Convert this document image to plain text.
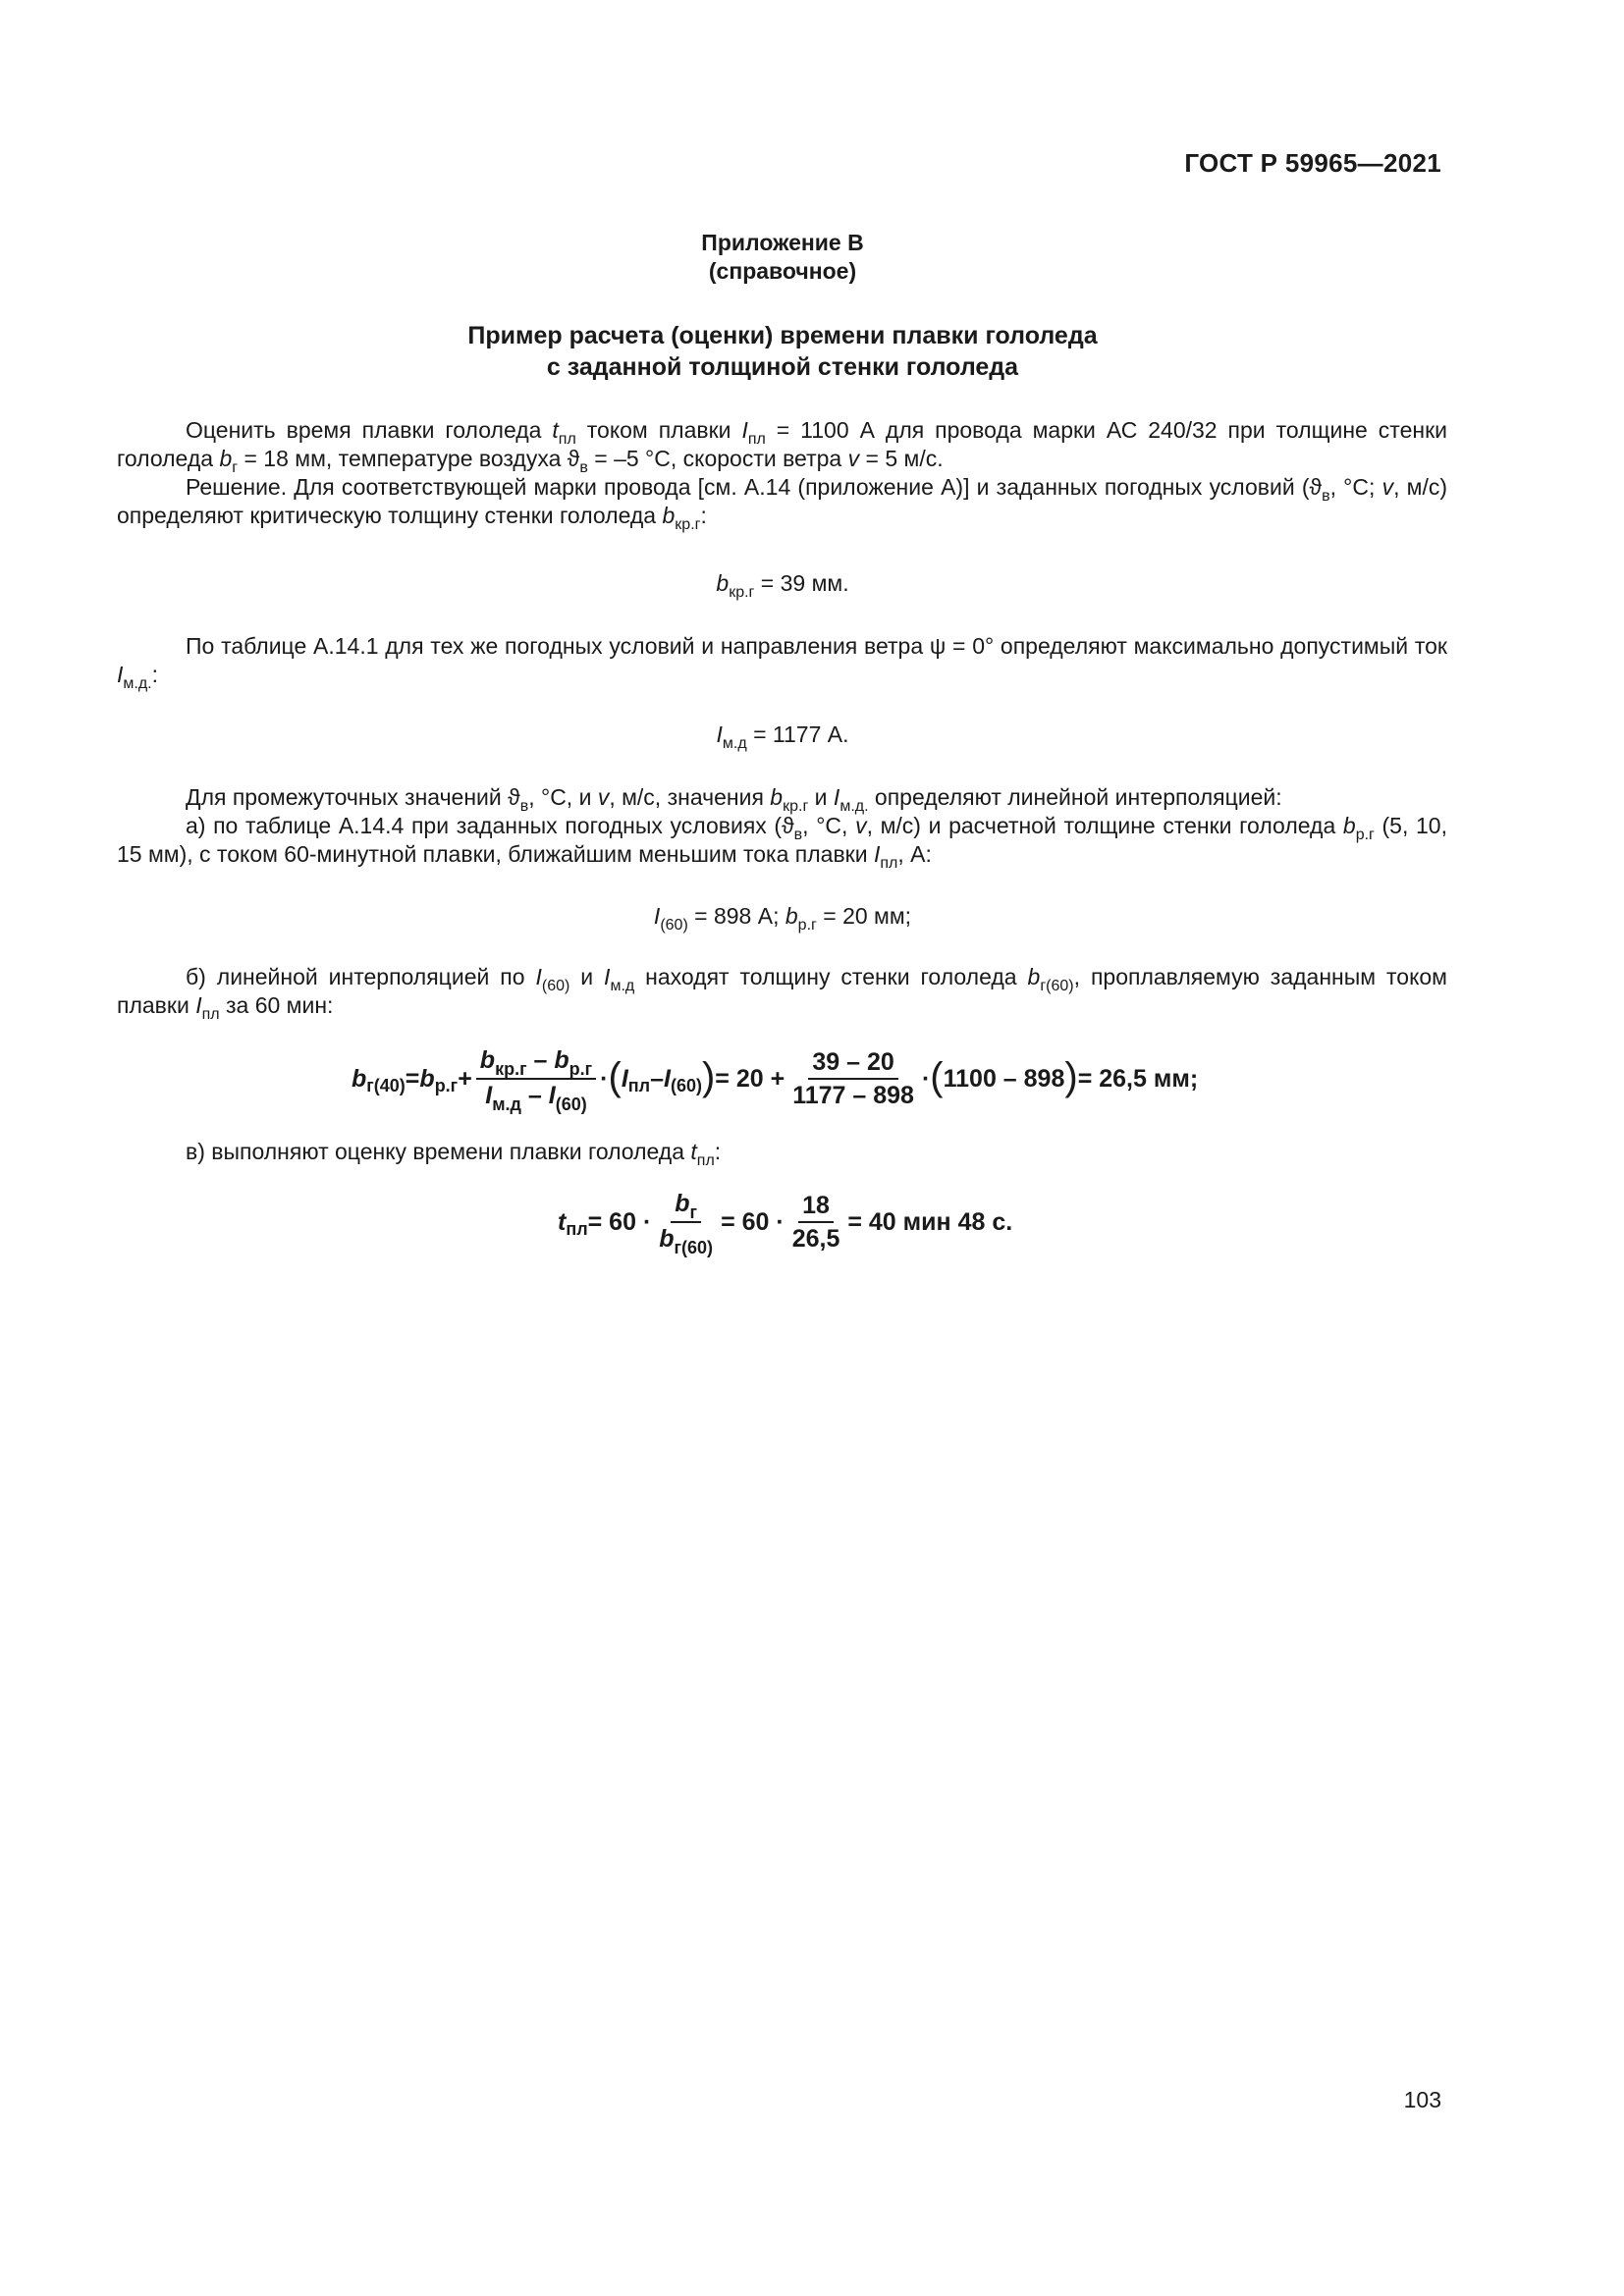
ГОСТ Р 59965—2021
Приложение В
(справочное)
Пример расчета (оценки) времени плавки гололеда
с заданной толщиной стенки гололеда

Оценить время плавки гололеда $t_{пл}$ током плавки $I_{пл} = 1100$ А для провода марки АС 240/32 при толщине стенки гололеда $b_г = 18$ мм, температуре воздуха $ϑ_в = -5$ °С, скорости ветра v = 5 м/с.

Решение. Для соответствующей марки провода [см. А.14 (приложение А)] и заданных погодных условий ($ϑ_в$, °С; v, м/с) определяют критическую толщину стенки гололеда $b_{кр.г}$:

$b_{кр.г} = 39$ мм.

По таблице А.14.1 для тех же погодных условий и направления ветра ψ = 0° определяют максимально допустимый ток $I_{м.д.}$:

$I_{м.д} = 1177$ А.

Для промежуточных значений $ϑ_в$, °С, и v, м/с, значения $b_{кр.г}$ и $I_{м.д.}$ определяют линейной интерполяцией:

а) по таблице А.14.4 при заданных погодных условиях ($ϑ_в$, °С, v, м/с) и расчетной толщине стенки гололеда $b_{р.г}$ (5, 10, 15 мм), с током 60-минутной плавки, ближайшим меньшим тока плавки $I_{пл}$, А:

$I_{(60)} = 898$ А; $b_{р.г} = 20$ мм;

б) линейной интерполяцией по $I_{(60)}$ и $I_{м.д}$ находят толщину стенки гололеда $b_{г(60)}$, проплавляемую заданным током плавки $I_{пл}$ за 60 мин:

b г(40) = b $р.г + \frac{b_{кр.г} - b_{р.г}}{I_{м.д} - I_{(60)}}$ · ( I пл – I (60) ) = $20 + \frac{39 - 20}{1177 - 898}$ · ( 1100 – 898 ) = 26,5 мм;

в) выполняют оценку времени плавки гололеда $t_{пл}$:

t пл = $60 \cdot \frac{b_г}{b_{г(60)}} = 60 \cdot \frac{18}{26,5} = 40$ мин 48 с.
103
